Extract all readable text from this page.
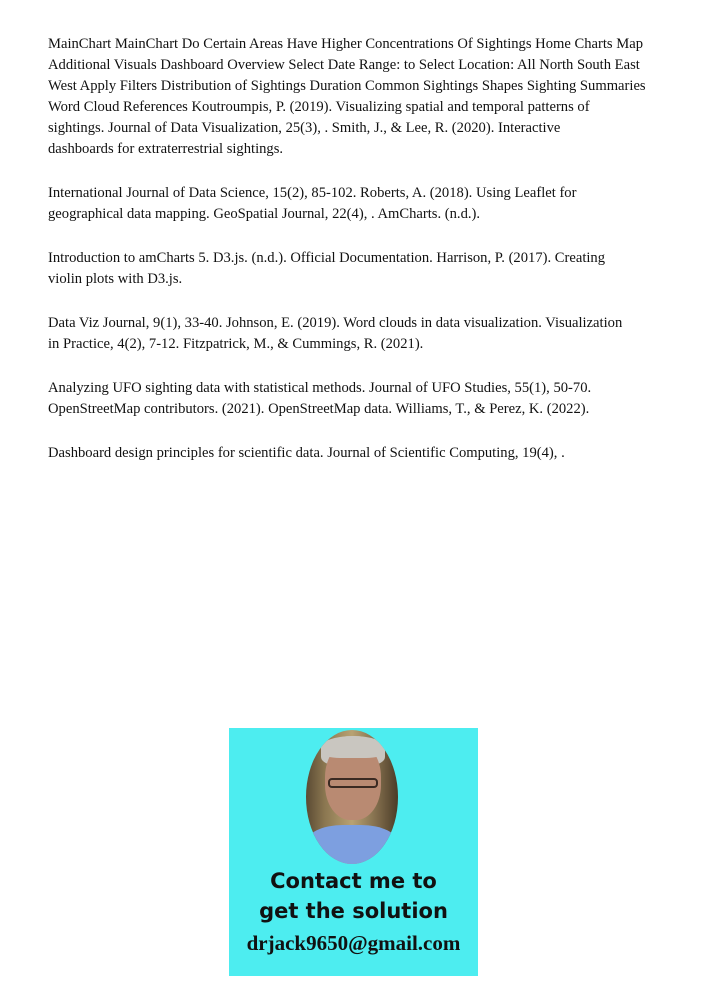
MainChart MainChart Do Certain Areas Have Higher Concentrations Of Sightings Home Charts Map
Additional Visuals Dashboard Overview Select Date Range: to Select Location: All North South East
West Apply Filters Distribution of Sightings Duration Common Sightings Shapes Sighting Summaries
Word Cloud References Koutroumpis, P. (2019). Visualizing spatial and temporal patterns of
sightings. Journal of Data Visualization, 25(3), . Smith, J., & Lee, R. (2020). Interactive
dashboards for extraterrestrial sightings.

International Journal of Data Science, 15(2), 85-102. Roberts, A. (2018). Using Leaflet for
geographical data mapping. GeoSpatial Journal, 22(4), . AmCharts. (n.d.).

Introduction to amCharts 5. D3.js. (n.d.). Official Documentation. Harrison, P. (2017). Creating
violin plots with D3.js.

Data Viz Journal, 9(1), 33-40. Johnson, E. (2019). Word clouds in data visualization. Visualization
in Practice, 4(2), 7-12. Fitzpatrick, M., & Cummings, R. (2021).

Analyzing UFO sighting data with statistical methods. Journal of UFO Studies, 55(1), 50-70.
OpenStreetMap contributors. (2021). OpenStreetMap data. Williams, T., & Perez, K. (2022).

Dashboard design principles for scientific data. Journal of Scientific Computing, 19(4), .

Contact me to
get the solution
drjack9650@gmail.com
